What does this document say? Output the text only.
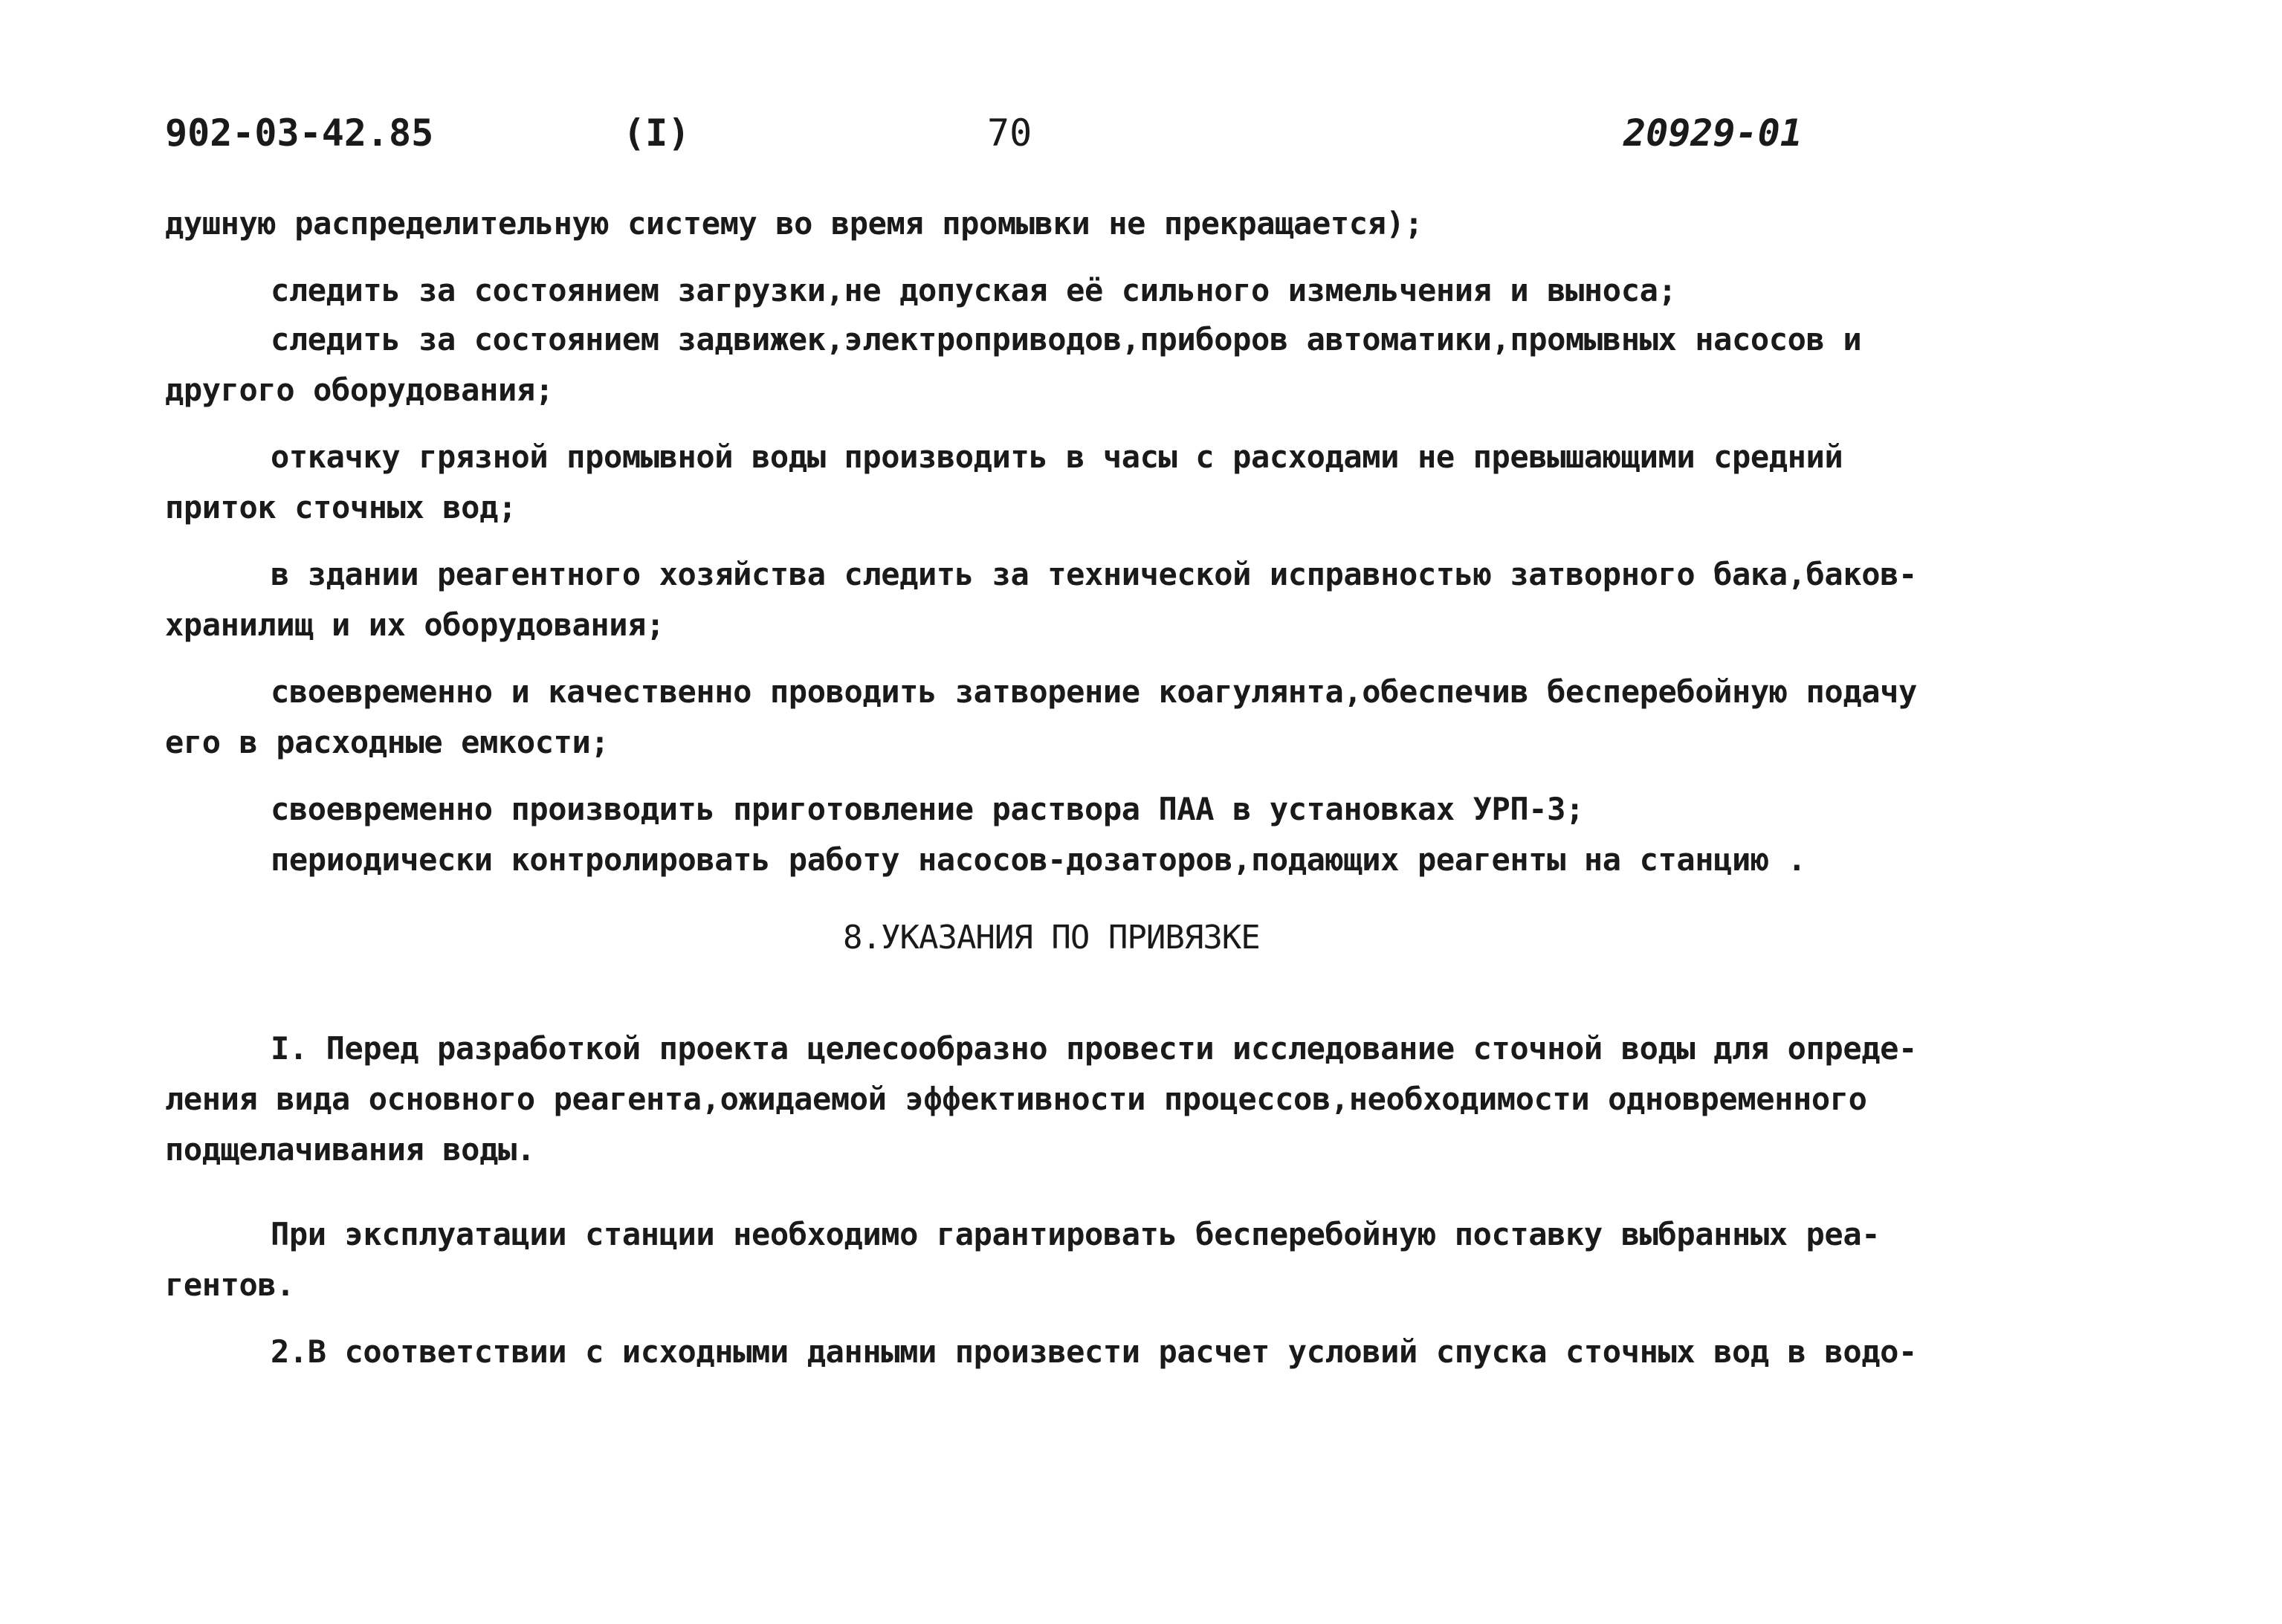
902-03-42.85	(I)	70	20929-01
душную распределительную систему во время промывки не прекращается);
следить за состоянием загрузки,не допуская её сильного измельчения и выноса;
следить за состоянием задвижек,электроприводов,приборов автоматики,промывных насосов и
другого оборудования;
откачку грязной промывной воды производить в часы с расходами не превышающими средний
приток сточных вод;
в здании реагентного хозяйства следить за технической исправностью затворного бака,баков-
хранилищ и их оборудования;
своевременно и качественно проводить затворение коагулянта,обеспечив бесперебойную подачу
его в расходные емкости;
своевременно производить приготовление раствора ПАА в установках УРП-3;
периодически контролировать работу насосов-дозаторов,подающих реагенты на станцию .
8.УКАЗАНИЯ ПО ПРИВЯЗКЕ
I. Перед разработкой проекта целесообразно провести исследование сточной воды для опреде-
ления вида основного реагента,ожидаемой эффективности процессов,необходимости одновременного
подщелачивания воды.
При эксплуатации станции необходимо гарантировать бесперебойную поставку выбранных реа-
гентов.
2.В соответствии с исходными данными произвести расчет условий спуска сточных вод в водо-
